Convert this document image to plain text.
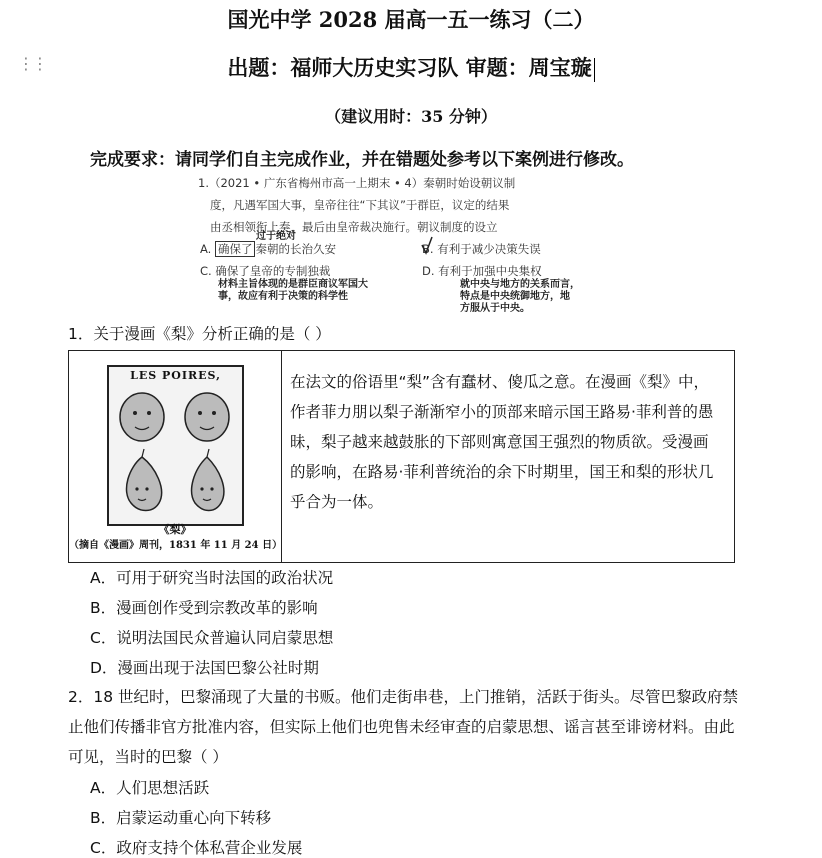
⋮⋮
国光中学 2028 届高一五一练习（二）
出题：福师大历史实习队 审题：周宝璇
（建议用时：35 分钟）
完成要求：请同学们自主完成作业，并在错题处参考以下案例进行修改。
1.（2021 • 广东省梅州市高一上期末 • 4）秦朝时始设朝议制
度，凡遇军国大事，皇帝往往“下其议”于群臣，议定的结果
由丞相领衔上奏，最后由皇帝裁决施行。朝议制度的设立
过于绝对
A. 确保了 秦朝的长治久安	B. 有利于减少决策失误
C. 确保了皇帝的专制独裁	D. 有利于加强中央集权
材料主旨体现的是群臣商议军国大
事，故应有利于决策的科学性
就中央与地方的关系而言，
特点是中央统御地方，地
方服从于中央。
1．关于漫画《梨》分析正确的是（ ）
LES POIRES,
《梨》
（摘自《漫画》周刊，1831 年 11 月 24 日）

在法文的俗语里“梨”含有蠢材、傻瓜之意。在漫画《梨》中，作者菲力朋以梨子渐渐窄小的顶部来暗示国王路易·菲利普的愚昧，梨子越来越鼓胀的下部则寓意国王强烈的物质欲。受漫画的影响，在路易·菲利普统治的余下时期里，国王和梨的形状几乎合为一体。
A．可用于研究当时法国的政治状况
B．漫画创作受到宗教改革的影响
C．说明法国民众普遍认同启蒙思想
D．漫画出现于法国巴黎公社时期
2．18 世纪时，巴黎涌现了大量的书贩。他们走街串巷，上门推销，活跃于街头。尽管巴黎政府禁止他们传播非官方批准内容，但实际上他们也兜售未经审查的启蒙思想、谣言甚至诽谤材料。由此可见，当时的巴黎（ ）
A．人们思想活跃
B．启蒙运动重心向下转移
C．政府支持个体私营企业发展
